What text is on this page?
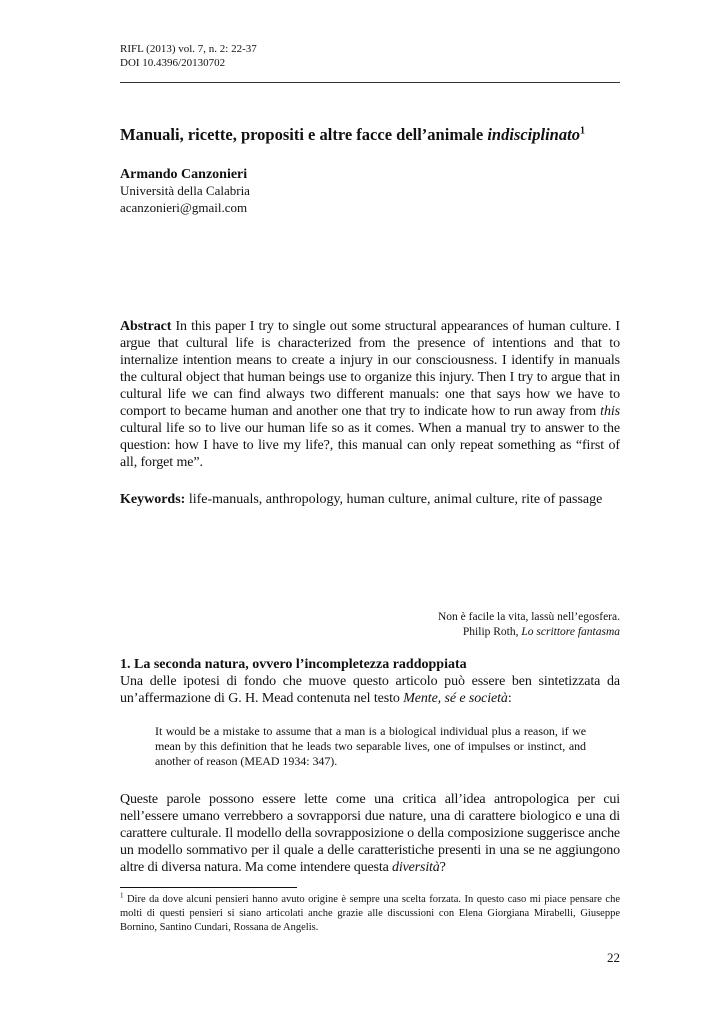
RIFL (2013) vol. 7, n. 2: 22-37
DOI 10.4396/20130702
Manuali, ricette, propositi e altre facce dell’animale indisciplinato$^1$
Armando Canzonieri
Università della Calabria
acanzonieri@gmail.com
Abstract In this paper I try to single out some structural appearances of human culture. I argue that cultural life is characterized from the presence of intentions and that to internalize intention means to create a injury in our consciousness. I identify in manuals the cultural object that human beings use to organize this injury. Then I try to argue that in cultural life we can find always two different manuals: one that says how we have to comport to became human and another one that try to indicate how to run away from this cultural life so to live our human life so as it comes. When a manual try to answer to the question: how I have to live my life?, this manual can only repeat something as “first of all, forget me”.
Keywords: life-manuals, anthropology, human culture, animal culture, rite of passage
Non è facile la vita, lassù nell’egosfera.
Philip Roth, Lo scrittore fantasma
1. La seconda natura, ovvero l’incompletezza raddoppiata
Una delle ipotesi di fondo che muove questo articolo può essere ben sintetizzata da un’affermazione di G. H. Mead contenuta nel testo Mente, sé e società:
It would be a mistake to assume that a man is a biological individual plus a reason, if we mean by this definition that he leads two separable lives, one of impulses or instinct, and another of reason (MEAD 1934: 347).
Queste parole possono essere lette come una critica all’idea antropologica per cui nell’essere umano verrebbero a sovrapporsi due nature, una di carattere biologico e una di carattere culturale. Il modello della sovrapposizione o della composizione suggerisce anche un modello sommativo per il quale a delle caratteristiche presenti in una se ne aggiungono altre di diversa natura. Ma come intendere questa diversità?
$^1$ Dire da dove alcuni pensieri hanno avuto origine è sempre una scelta forzata. In questo caso mi piace pensare che molti di questi pensieri si siano articolati anche grazie alle discussioni con Elena Giorgiana Mirabelli, Giuseppe Bornino, Santino Cundari, Rossana de Angelis.
22
